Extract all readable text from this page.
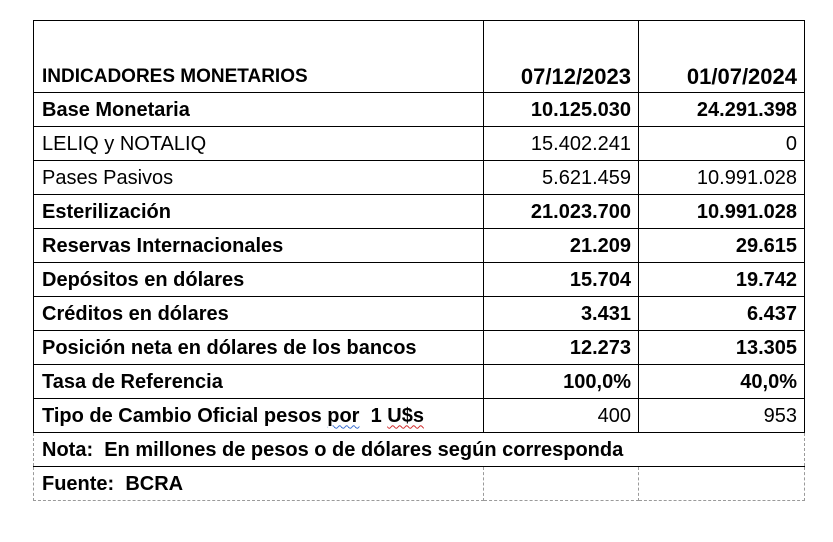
INDICADORES MONETARIOS	07/12/2023	01/07/2024
Base Monetaria	10.125.030	24.291.398
LELIQ y NOTALIQ	15.402.241	0
Pases Pasivos	5.621.459	10.991.028
Esterilización	21.023.700	10.991.028
Reservas Internacionales	21.209	29.615
Depósitos en dólares	15.704	19.742
Créditos en dólares	3.431	6.437
Posición neta en dólares de los bancos	12.273	13.305
Tasa de Referencia	100,0%	40,0%
Tipo de Cambio Oficial pesos por  1 U$s	400	953
Nota:  En millones de pesos o de dólares según corresponda		
Fuente:  BCRA		
